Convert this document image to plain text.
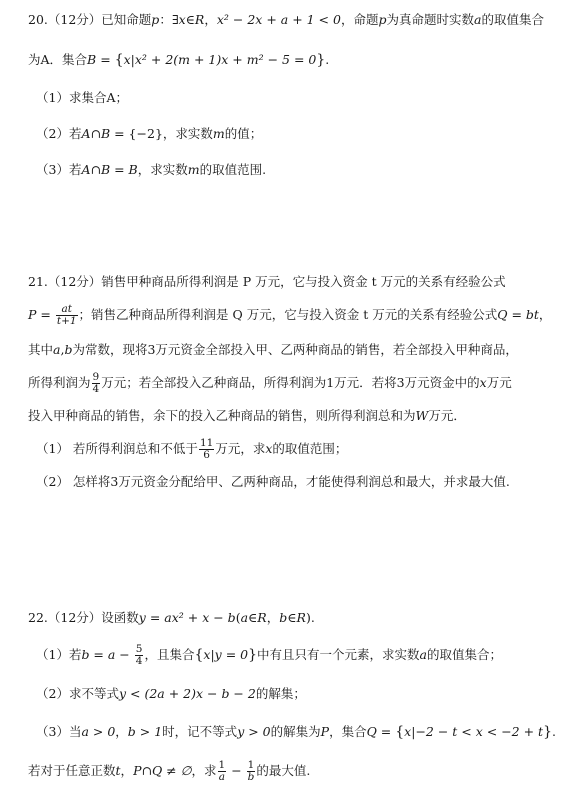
20.（12分）已知命题p：∃x∈R，x² − 2x + a + 1 < 0，命题p为真命题时实数a的取值集合
为A．集合B = {x|x² + 2(m + 1)x + m² − 5 = 0}.
（1）求集合A；
（2）若A∩B = {−2}，求实数m的值；
（3）若A∩B = B，求实数m的取值范围.
21.（12分）销售甲种商品所得利润是 P 万元，它与投入资金 t 万元的关系有经验公式
$P = \frac{at}{t+1}$ ；销售乙种商品所得利润是 Q 万元，它与投入资金 t 万元的关系有经验公式Q = bt，
其中a,b为常数，现将3万元资金全部投入甲、乙两种商品的销售，若全部投入甲种商品，
所得利润为 $\frac{9}{4}$ 万元；若全部投入乙种商品，所得利润为1万元．若将3万元资金中的x万元
投入甲种商品的销售，余下的投入乙种商品的销售，则所得利润总和为W万元．
（1） 若所得利润总和不低于 $\frac{11}{6}$ 万元，求x的取值范围；
（2） 怎样将3万元资金分配给甲、乙两种商品，才能使得利润总和最大，并求最大值.
22.（12分）设函数y = ax² + x − b(a∈R，b∈R).
（1）若$b = a - \frac{5}{4}$ ，且集合{x|y = 0}中有且只有一个元素，求实数a的取值集合；
（2）求不等式y < (2a + 2)x − b − 2的解集；
（3）当a > 0，b > 1时，记不等式y > 0的解集为P，集合Q = {x|−2 − t < x < −2 + t}.
若对于任意正数t，P∩Q ≠ ∅，求 $\frac{1}{a} - \frac{1}{b}$ 的最大值.
